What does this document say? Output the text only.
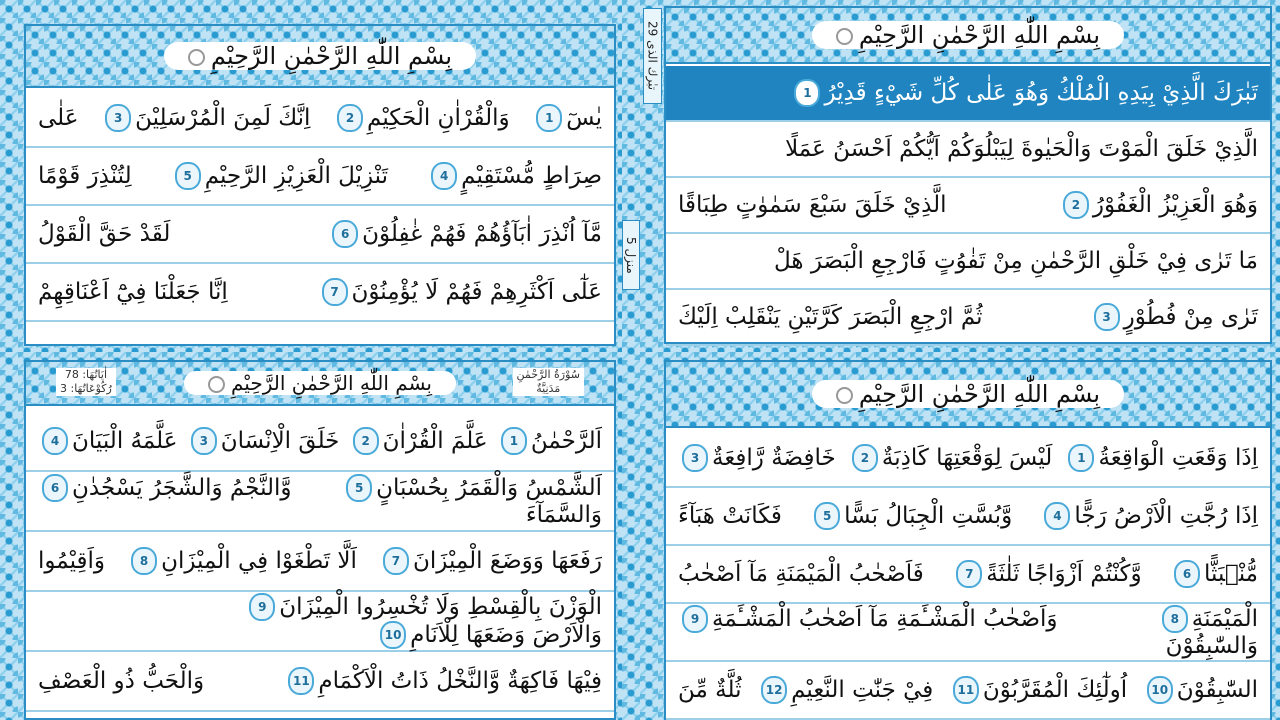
بِسْمِ اللّٰهِ الرَّحْمٰنِ الرَّحِيْمِ
يٰسٓ
1
وَالْقُرْاٰنِ الْحَكِيْمِ
2
اِنَّكَ لَمِنَ الْمُرْسَلِيْنَ
3
عَلٰى
صِرَاطٍ مُّسْتَقِيْمٍ
4
تَنْزِيْلَ الْعَزِيْزِ الرَّحِيْمِ
5
لِتُنْذِرَ قَوْمًا
مَّآ اُنْذِرَ اٰبَآؤُهُمْ فَهُمْ غٰفِلُوْنَ
6
لَقَدْ حَقَّ الْقَوْلُ
عَلٰٓى اَكْثَرِهِمْ فَهُمْ لَا يُؤْمِنُوْنَ
7
اِنَّا جَعَلْنَا فِيْٓ اَعْنَاقِهِمْ
بِسْمِ اللّٰهِ الرَّحْمٰنِ الرَّحِيْمِ
تَبٰرَكَ الَّذِيْ بِيَدِهِ الْمُلْكُ وَهُوَ عَلٰى كُلِّ شَيْءٍ قَدِيْرُ
1
الَّذِيْ خَلَقَ الْمَوْتَ وَالْحَيٰوةَ لِيَبْلُوَكُمْ اَيُّكُمْ اَحْسَنُ عَمَلًا
وَهُوَ الْعَزِيْزُ الْغَفُوْرُ
2
الَّذِيْ خَلَقَ سَبْعَ سَمٰوٰتٍ طِبَاقًا
مَا تَرٰى فِيْ خَلْقِ الرَّحْمٰنِ مِنْ تَفٰوُتٍ فَارْجِعِ الْبَصَرَ هَلْ
تَرٰى مِنْ فُطُوْرٍ
3
ثُمَّ ارْجِعِ الْبَصَرَ كَرَّتَيْنِ يَنْقَلِبْ اِلَيْكَ
سُوْرَةُ الرَّحْمٰنِ
مَدَنِيَّةٌ
بِسْمِ اللّٰهِ الرَّحْمٰنِ الرَّحِيْمِ
اٰيَاتُهَا: 78
رُكُوْعَاتُهَا: 3
اَلرَّحْمٰنُ
1
عَلَّمَ الْقُرْاٰنَ
2
خَلَقَ الْاِنْسَانَ
3
عَلَّمَهُ الْبَيَانَ
4
اَلشَّمْسُ وَالْقَمَرُ بِحُسْبَانٍ
5
وَّالنَّجْمُ وَالشَّجَرُ يَسْجُدٰنِ
6
وَالسَّمَآءَ
رَفَعَهَا وَوَضَعَ الْمِيْزَانَ
7
اَلَّا تَطْغَوْا فِي الْمِيْزَانِ
8
وَاَقِيْمُوا
الْوَزْنَ بِالْقِسْطِ وَلَا تُخْسِرُوا الْمِيْزَانَ
9
وَالْاَرْضَ وَضَعَهَا لِلْاَنَامِ
10
فِيْهَا فَاكِهَةٌ وَّالنَّخْلُ ذَاتُ الْاَكْمَامِ
11
وَالْحَبُّ ذُو الْعَصْفِ
بِسْمِ اللّٰهِ الرَّحْمٰنِ الرَّحِيْمِ
اِذَا وَقَعَتِ الْوَاقِعَةُ
1
لَيْسَ لِوَقْعَتِهَا كَاذِبَةٌ
2
خَافِضَةٌ رَّافِعَةٌ
3
اِذَا رُجَّتِ الْاَرْضُ رَجًّا
4
وَّبُسَّتِ الْجِبَالُ بَسًّا
5
فَكَانَتْ هَبَآءً
مُّنْۢبَثًّا
6
وَّكُنْتُمْ اَزْوَاجًا ثَلٰثَةً
7
فَاَصْحٰبُ الْمَيْمَنَةِ مَآ اَصْحٰبُ
الْمَيْمَنَةِ
8
وَاَصْحٰبُ الْمَشْـَٔمَةِ مَآ اَصْحٰبُ الْمَشْـَٔمَةِ
9
وَالسّٰبِقُوْنَ
السّٰبِقُوْنَ
10
اُولٰٓئِكَ الْمُقَرَّبُوْنَ
11
فِيْ جَنّٰتِ النَّعِيْمِ
12
ثُلَّةٌ مِّنَ
منزل 5
تبٰرك الذی 29
